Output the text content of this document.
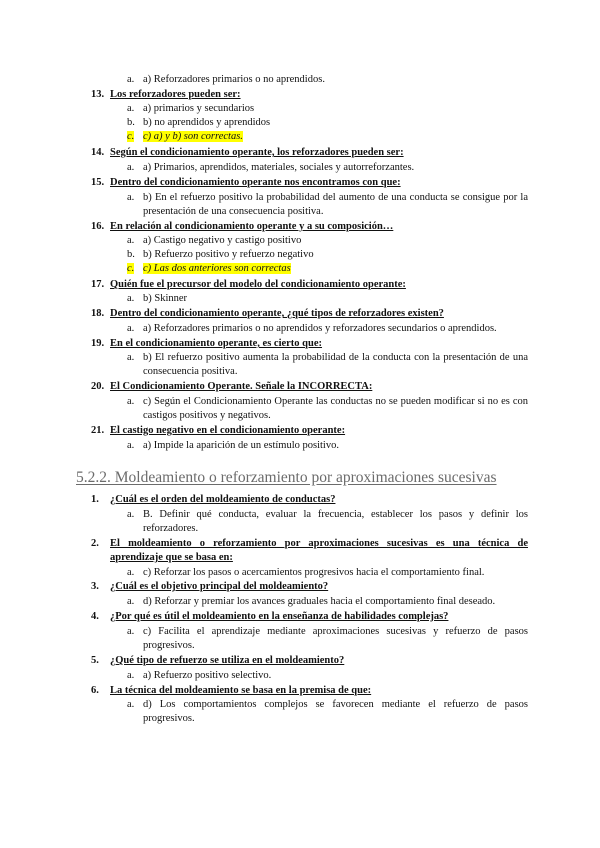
5.2.2. Moldeamiento o reforzamiento por aproximaciones sucesivas
a. a) Reforzadores primarios o no aprendidos.
13. Los reforzadores pueden ser:
a. a) primarios y secundarios
b. b) no aprendidos y aprendidos
c. c) a) y b) son correctas.
14. Según el condicionamiento operante, los reforzadores pueden ser:
a. a) Primarios, aprendidos, materiales, sociales y autorreforzantes.
15. Dentro del condicionamiento operante nos encontramos con que:
a. b) En el refuerzo positivo la probabilidad del aumento de una conducta se consigue por la presentación de una consecuencia positiva.
16. En relación al condicionamiento operante y a su composición…
a. a) Castigo negativo y castigo positivo
b. b) Refuerzo positivo y refuerzo negativo
c. c) Las dos anteriores son correctas
17. Quién fue el precursor del modelo del condicionamiento operante:
a. b) Skinner
18. Dentro del condicionamiento operante, ¿qué tipos de reforzadores existen?
a. a) Reforzadores primarios o no aprendidos y reforzadores secundarios o aprendidos.
19. En el condicionamiento operante, es cierto que:
a. b) El refuerzo positivo aumenta la probabilidad de la conducta con la presentación de una consecuencia positiva.
20. El Condicionamiento Operante. Señale la INCORRECTA:
a. c) Según el Condicionamiento Operante las conductas no se pueden modificar si no es con castigos positivos y negativos.
21. El castigo negativo en el condicionamiento operante:
a. a) Impide la aparición de un estímulo positivo.
1.	¿Cuál es el orden del moldeamiento de conductas?
a. B. Definir qué conducta, evaluar la frecuencia, establecer los pasos y definir los reforzadores.
2.	El moldeamiento o reforzamiento por aproximaciones sucesivas es una técnica de aprendizaje que se basa en:
a. c) Reforzar los pasos o acercamientos progresivos hacia el comportamiento final.
3.	¿Cuál es el objetivo principal del moldeamiento?
a. d) Reforzar y premiar los avances graduales hacia el comportamiento final deseado.
4.	¿Por qué es útil el moldeamiento en la enseñanza de habilidades complejas?
a. c) Facilita el aprendizaje mediante aproximaciones sucesivas y refuerzo de pasos progresivos.
5.	¿Qué tipo de refuerzo se utiliza en el moldeamiento?
a. a) Refuerzo positivo selectivo.
6.	La técnica del moldeamiento se basa en la premisa de que:
a. d) Los comportamientos complejos se favorecen mediante el refuerzo de pasos progresivos.
